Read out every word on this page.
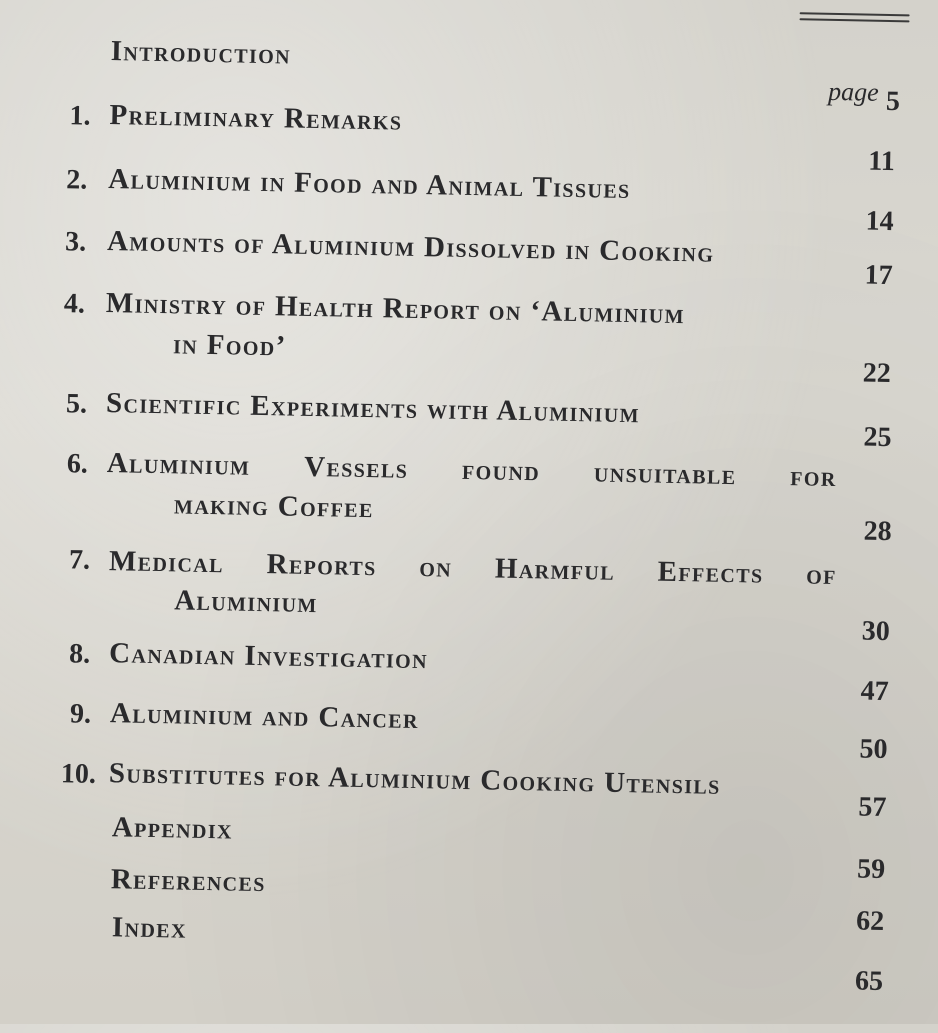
Introduction
page 5
1. Preliminary Remarks
11
2. Aluminium in Food and Animal Tissues
14
3. Amounts of Aluminium Dissolved in Cooking
17
4. Ministry of Health Report on ‘Aluminium
in Food’
22
5. Scientific Experiments with Aluminium
25
6. Aluminium Vessels found unsuitable for
making Coffee
28
7. Medical Reports on Harmful Effects of
Aluminium
30
8. Canadian Investigation
47
9. Aluminium and Cancer
50
10. Substitutes for Aluminium Cooking Utensils
57
Appendix
59
References
62
Index
65
